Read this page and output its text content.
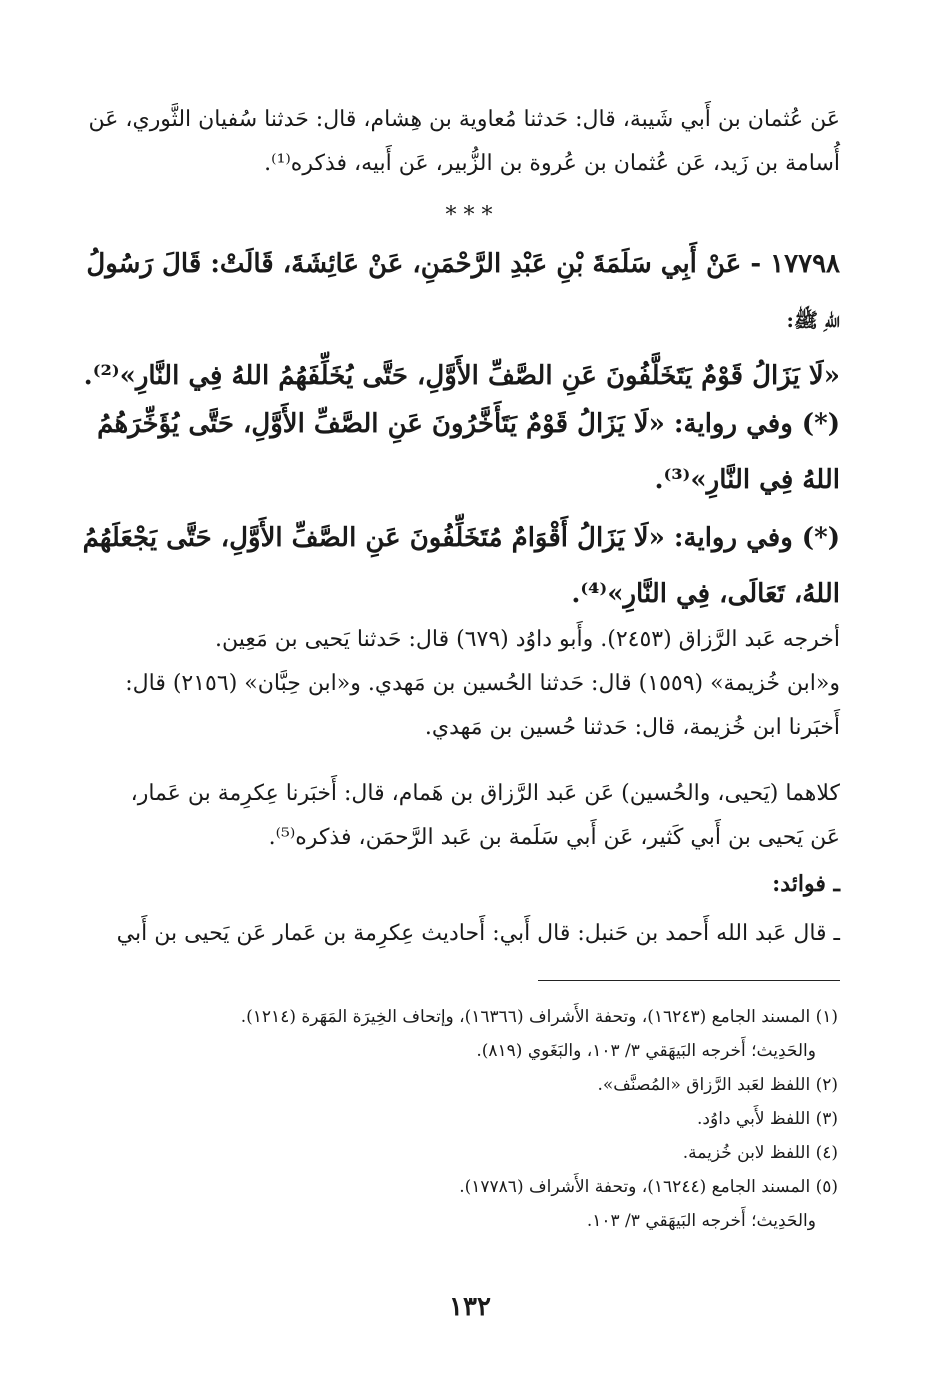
عَن عُثمان بن أَبي شَيبة، قال: حَدثنا مُعاوية بن هِشام، قال: حَدثنا سُفيان الثَّوري، عَن
أُسامة بن زَيد، عَن عُثمان بن عُروة بن الزُّبير، عَن أَبيه، فذكره⁽¹⁾.
* * *
١٧٧٩٨ - عَنْ أَبِي سَلَمَةَ بْنِ عَبْدِ الرَّحْمَنِ، عَنْ عَائِشَةَ، قَالَتْ: قَالَ رَسُولُ
اللهِ ﷺ:
«لَا يَزَالُ قَوْمٌ يَتَخَلَّفُونَ عَنِ الصَّفِّ الأَوَّلِ، حَتَّى يُخَلِّفَهُمُ اللهُ فِي النَّارِ»⁽²⁾.
(*) وفي رواية: «لَا يَزَالُ قَوْمٌ يَتَأَخَّرُونَ عَنِ الصَّفِّ الأَوَّلِ، حَتَّى يُؤَخِّرَهُمُ
اللهُ فِي النَّارِ»⁽³⁾.
(*) وفي رواية: «لَا يَزَالُ أَقْوَامٌ مُتَخَلِّفُونَ عَنِ الصَّفِّ الأَوَّلِ، حَتَّى يَجْعَلَهُمُ
اللهُ، تَعَالَى، فِي النَّارِ»⁽⁴⁾.
أخرجه عَبد الرَّزاق (٢٤٥٣). وأَبو داوُد (٦٧٩) قال: حَدثنا يَحيى بن مَعِين.
و«ابن خُزيمة» (١٥٥٩) قال: حَدثنا الحُسين بن مَهدي. و«ابن حِبَّان» (٢١٥٦) قال:
أَخبَرنا ابن خُزيمة، قال: حَدثنا حُسين بن مَهدي.
كلاهما (يَحيى، والحُسين) عَن عَبد الرَّزاق بن هَمام، قال: أَخبَرنا عِكرِمة بن عَمار،
عَن يَحيى بن أَبي كَثير، عَن أَبي سَلَمة بن عَبد الرَّحمَن، فذكره⁽⁵⁾.
ـ فوائد:
ـ قال عَبد الله أَحمد بن حَنبل: قال أَبي: أَحاديث عِكرِمة بن عَمار عَن يَحيى بن أَبي
(١) المسند الجامع (١٦٢٤٣)، وتحفة الأَشراف (١٦٣٦٦)، وإتحاف الخِيرَة المَهَرة (١٢١٤).
والحَدِيث؛ أَخرجه البَيهَقي ٣/ ١٠٣، والبَغَوي (٨١٩).
(٢) اللفظ لعَبد الرَّزاق «المُصنَّف».
(٣) اللفظ لأَبي داوُد.
(٤) اللفظ لابن خُزيمة.
(٥) المسند الجامع (١٦٢٤٤)، وتحفة الأَشراف (١٧٧٨٦).
والحَدِيث؛ أَخرجه البَيهَقي ٣/ ١٠٣.
١٣٢
